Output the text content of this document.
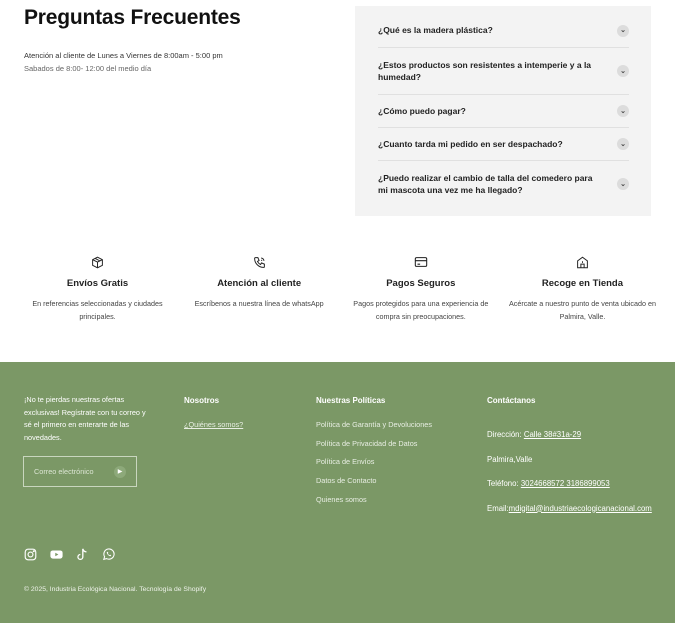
Preguntas Frecuentes
Atención al cliente de Lunes a Viernes de 8:00am - 5:00 pm
Sabados de 8:00- 12:00 del medio día
¿Qué es la madera plástica?	⌄
¿Estos productos son resistentes a intemperie y a la humedad?
⌄
¿Cómo puedo pagar?	⌄
¿Cuanto tarda mi pedido en ser despachado?	⌄
¿Puedo realizar el cambio de talla del comedero para mi mascota una vez me ha llegado?
⌄
Envíos Gratis
En referencias seleccionadas y ciudades principales.
Atención al cliente
Escríbenos a nuestra línea de whatsApp
Pagos Seguros
Pagos protegidos para una experiencia de compra sin preocupaciones.
Recoge en Tienda
Acércate a nuestro punto de venta ubicado en Palmira, Valle.
¡No te pierdas nuestras ofertas exclusivas! Regístrate con tu correo y sé el primero en enterarte de las novedades.
Correo electrónico	▶
Nosotros
¿Quiénes somos?
Nuestras Políticas
Política de Garantía y Devoluciones
Política de Privacidad de Datos
Política de Envíos
Datos de Contacto
Quienes somos
Contáctanos
Dirección: Calle 38#31a-29
Palmira,Valle
Teléfono: 3024668572 3186899053
Email:mdigital@industriaecologicanacional.com
© 2025, Industria Ecológica Nacional. Tecnología de Shopify
